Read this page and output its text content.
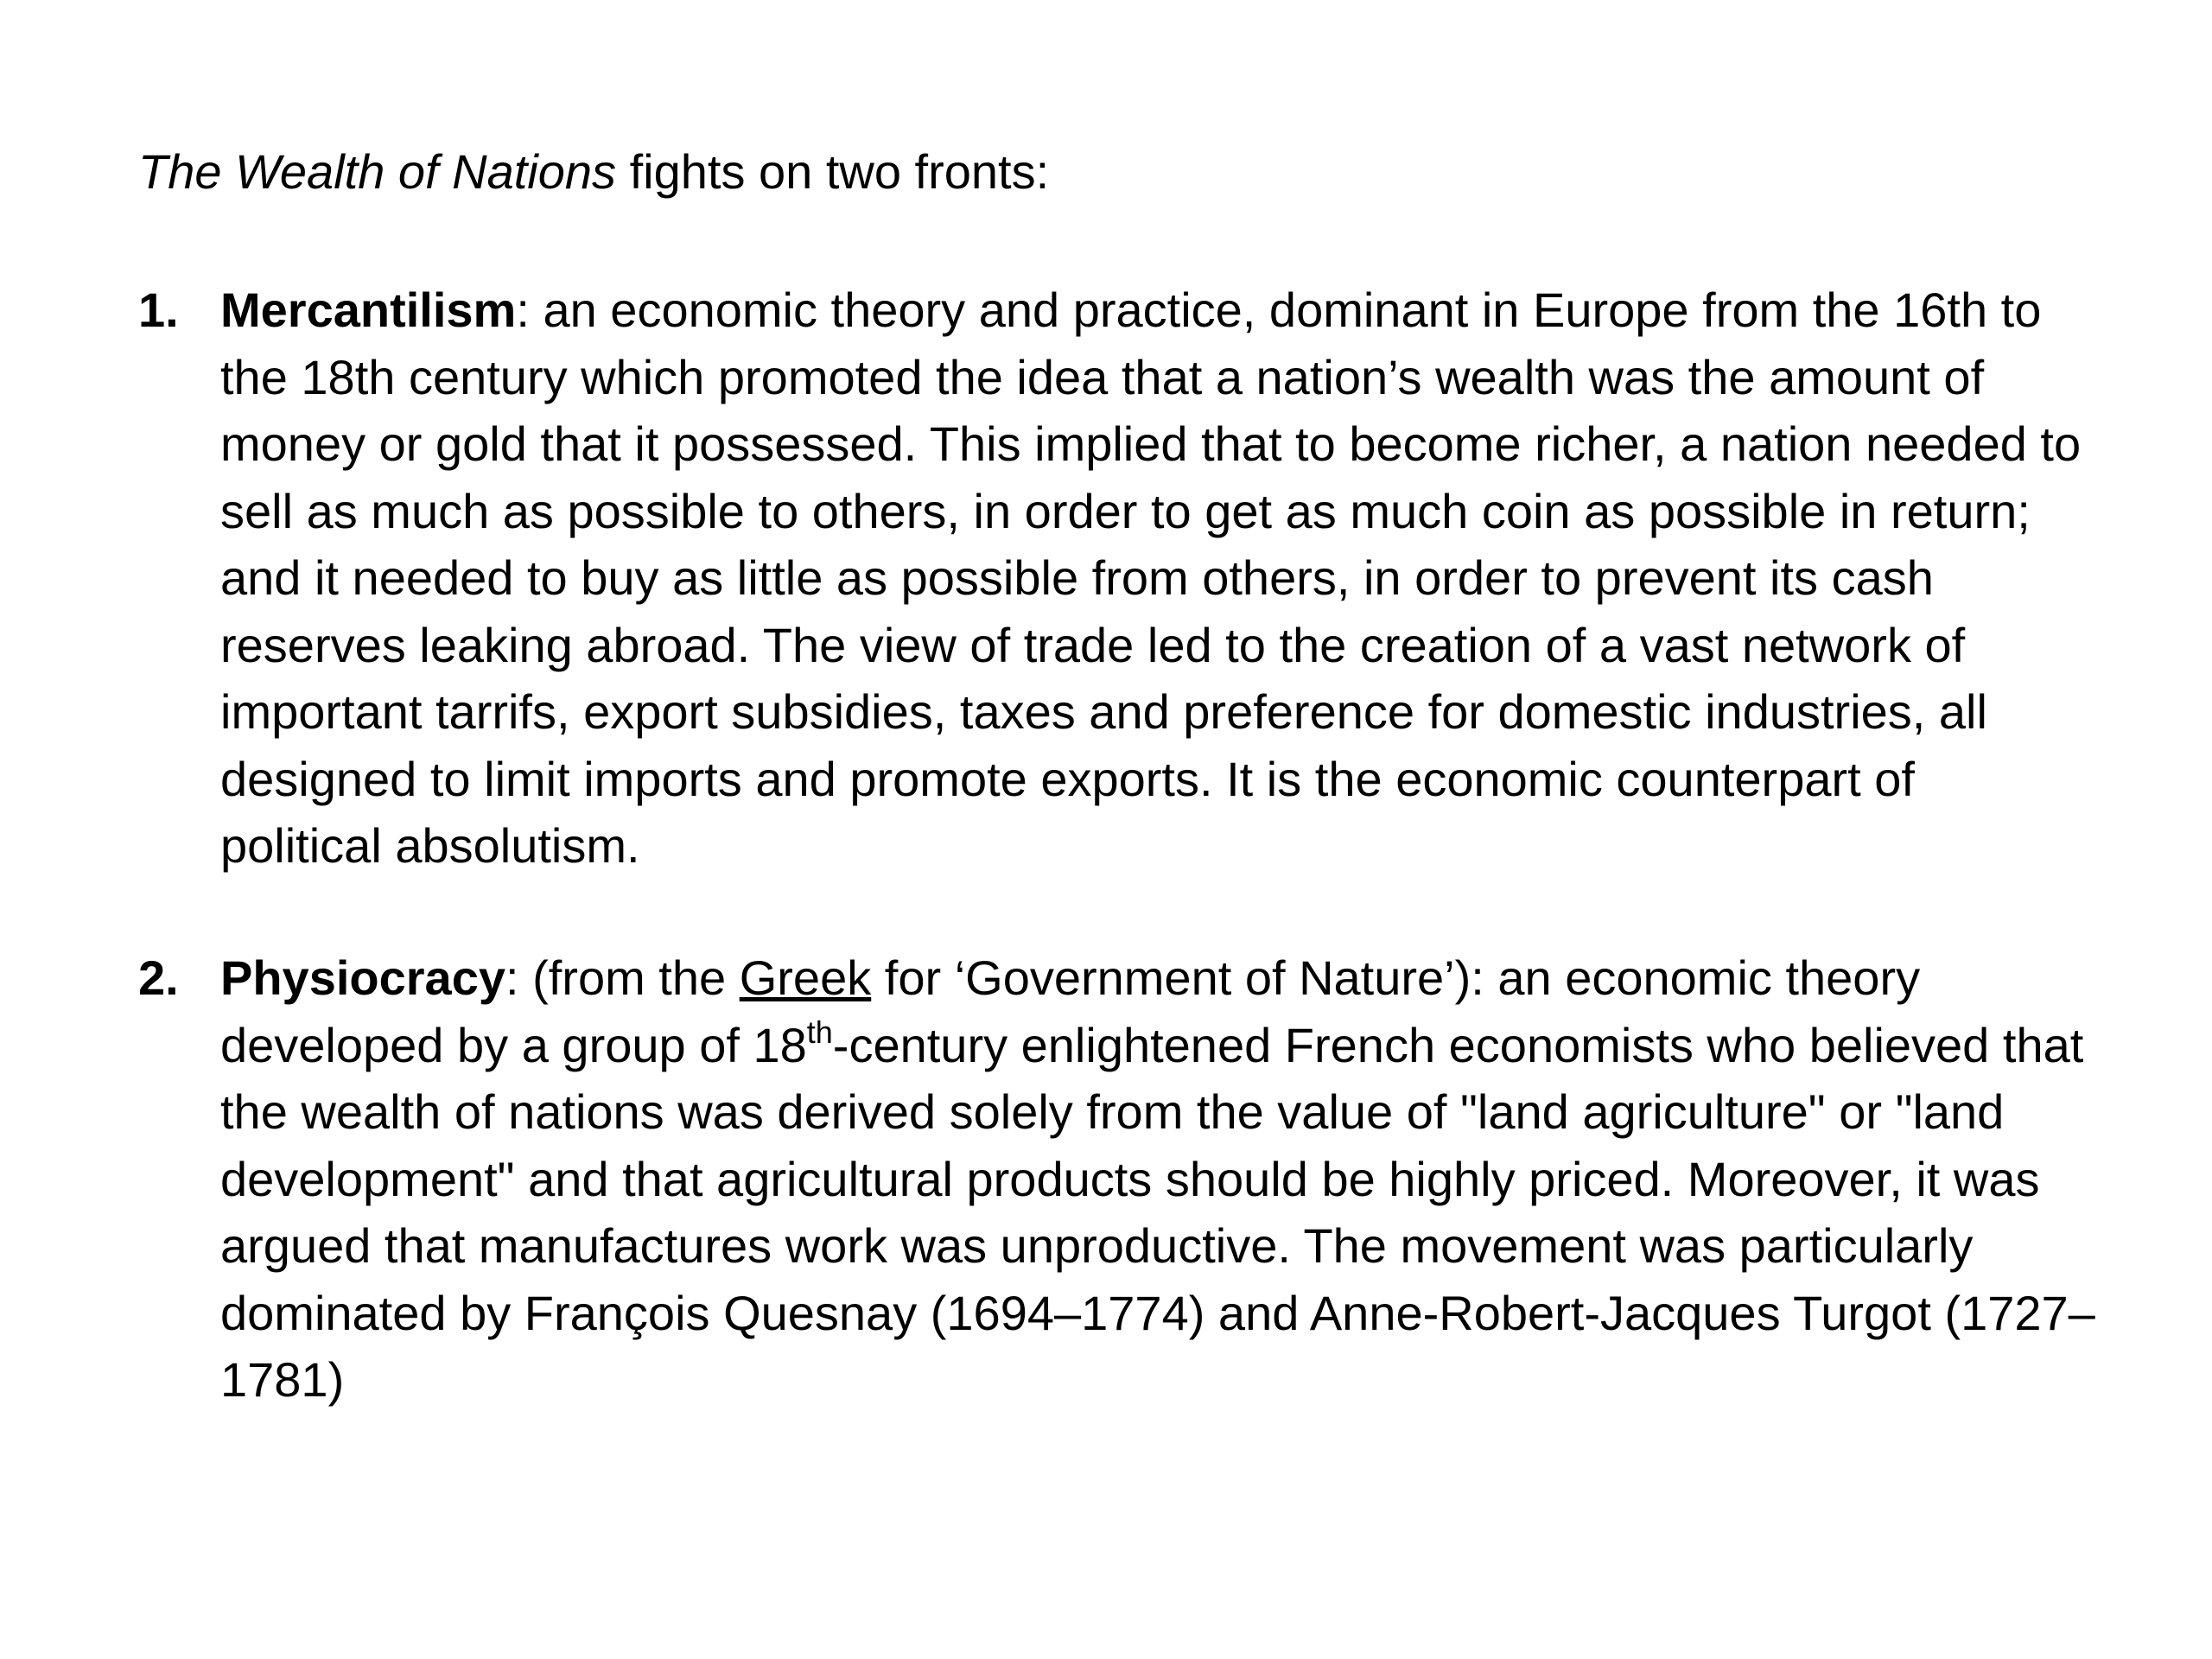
The Wealth of Nations fights on two fronts:

1. Mercantilism: an economic theory and practice, dominant in Europe from the 16th to
the 18th century which promoted the idea that a nation’s wealth was the amount of
money or gold that it possessed. This implied that to become richer, a nation needed to
sell as much as possible to others, in order to get as much coin as possible in return;
and it needed to buy as little as possible from others, in order to prevent its cash
reserves leaking abroad. The view of trade led to the creation of a vast network of
important tarrifs, export subsidies, taxes and preference for domestic industries, all
designed to limit imports and promote exports. It is the economic counterpart of
political absolutism.
2. Physiocracy: (from the Greek for ‘Government of Nature’): an economic theory
developed by a group of 18th-century enlightened French economists who believed that
the wealth of nations was derived solely from the value of "land agriculture" or "land
development" and that agricultural products should be highly priced. Moreover, it was
argued that manufactures work was unproductive. The movement was particularly
dominated by François Quesnay (1694–1774) and Anne-Robert-Jacques Turgot (1727–
1781)
